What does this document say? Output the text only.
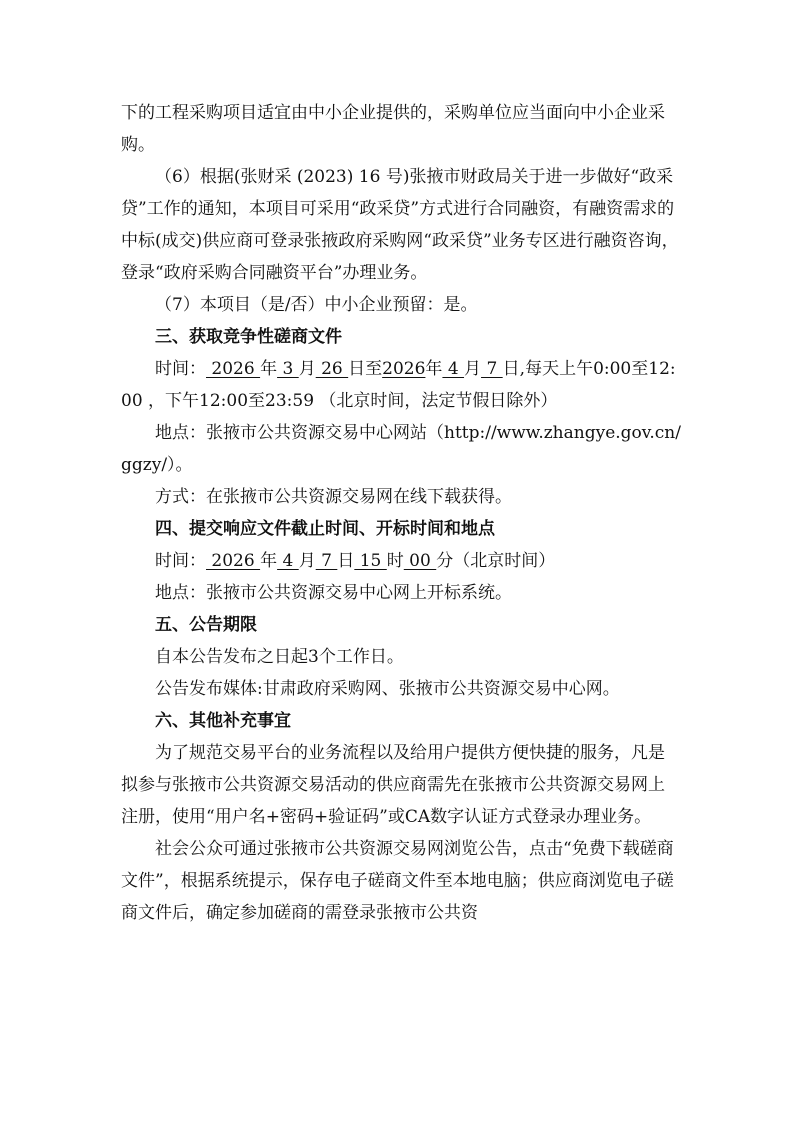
下的工程采购项目适宜由中小企业提供的，采购单位应当面向中小企业采购。

（6）根据(张财采 (2023) 16 号)张掖市财政局关于进一步做好“政采贷”工作的通知，本项目可采用“政采贷”方式进行合同融资，有融资需求的中标(成交)供应商可登录张掖政府采购网“政采贷”业务专区进行融资咨询，登录“政府采购合同融资平台”办理业务。

（7）本项目（是/否）中小企业预留：是。

三、获取竞争性磋商文件

时间： 2026 年 3 月 26 日至2026年 4 月 7 日,每天上午0:00至12:00 ，下午12:00至23:59 （北京时间，法定节假日除外）

地点：张掖市公共资源交易中心网站（http://www.zhangye.gov.cn/ggzy/）。

方式：在张掖市公共资源交易网在线下载获得。

四、提交响应文件截止时间、开标时间和地点

时间： 2026 年 4 月 7 日 15 时 00 分（北京时间）

地点：张掖市公共资源交易中心网上开标系统。

五、公告期限

自本公告发布之日起3个工作日。

公告发布媒体:甘肃政府采购网、张掖市公共资源交易中心网。

六、其他补充事宜

为了规范交易平台的业务流程以及给用户提供方便快捷的服务，凡是拟参与张掖市公共资源交易活动的供应商需先在张掖市公共资源交易网上注册，使用“用户名+密码+验证码”或CA数字认证方式登录办理业务。

社会公众可通过张掖市公共资源交易网浏览公告，点击“免费下载磋商文件”，根据系统提示，保存电子磋商文件至本地电脑；供应商浏览电子磋商文件后，确定参加磋商的需登录张掖市公共资
